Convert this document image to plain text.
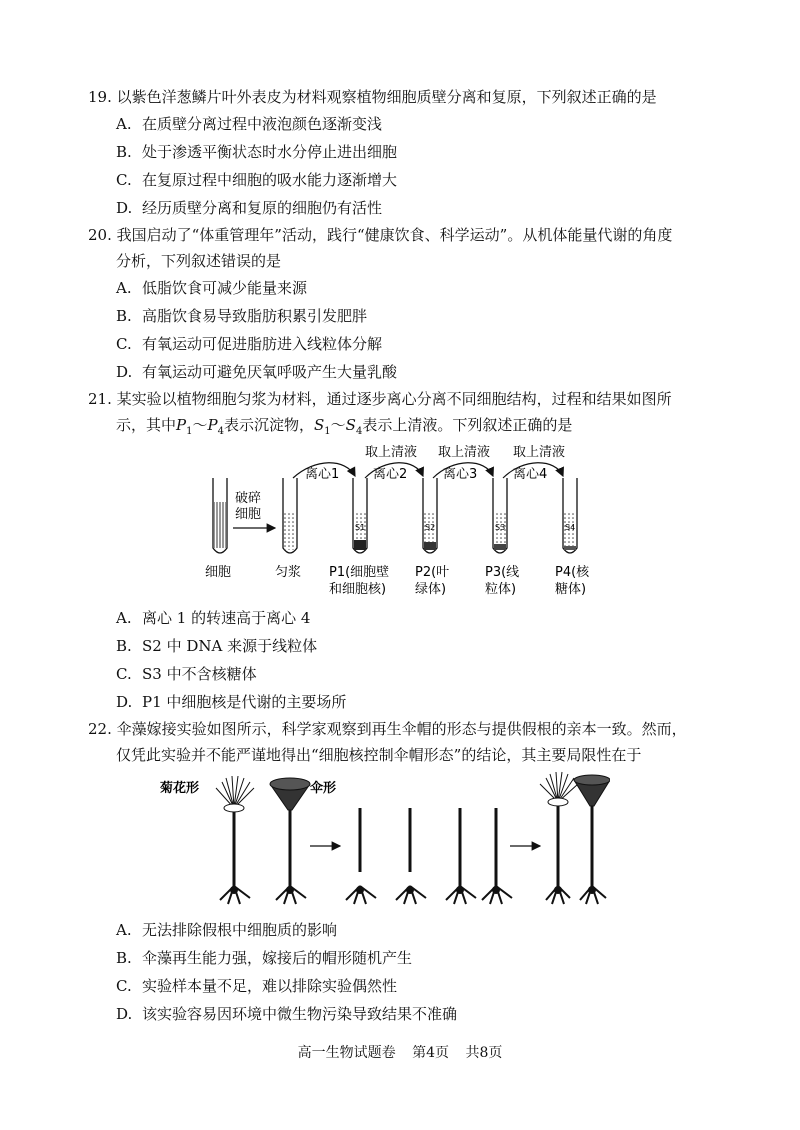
19. 以紫色洋葱鳞片叶外表皮为材料观察植物细胞质壁分离和复原，下列叙述正确的是

A. 在质壁分离过程中液泡颜色逐渐变浅

B. 处于渗透平衡状态时水分停止进出细胞

C. 在复原过程中细胞的吸水能力逐渐增大

D. 经历质壁分离和复原的细胞仍有活性

20. 我国启动了“体重管理年”活动，践行“健康饮食、科学运动”。从机体能量代谢的角度

分析，下列叙述错误的是

A. 低脂饮食可减少能量来源

B. 高脂饮食易导致脂肪积累引发肥胖

C. 有氧运动可促进脂肪进入线粒体分解

D. 有氧运动可避免厌氧呼吸产生大量乳酸

21. 某实验以植物细胞匀浆为材料，通过逐步离心分离不同细胞结构，过程和结果如图所

示，其中$P_1\sim P_4$表示沉淀物，$S_1\sim S_4$表示上清液。下列叙述正确的是

取上清液 取上清液 取上清液
离心1	离心2	离心3	离心4
破碎
细胞
S1	S2	S3	S4
细胞	匀浆 P1(细胞壁
和细胞核)
P2(叶
绿体)
P3(线
粒体)
P4(核
糖体)

A. 离心 1 的转速高于离心 4

B. S2 中 DNA 来源于线粒体

C. S3 中不含核糖体

D. P1 中细胞核是代谢的主要场所

22. 伞藻嫁接实验如图所示，科学家观察到再生伞帽的形态与提供假根的亲本一致。然而，

仅凭此实验并不能严谨地得出“细胞核控制伞帽形态”的结论，其主要局限性在于

菊花形	伞形

A. 无法排除假根中细胞质的影响

B. 伞藻再生能力强，嫁接后的帽形随机产生

C. 实验样本量不足，难以排除实验偶然性

D. 该实验容易因环境中微生物污染导致结果不准确

高一生物试题卷 第4页 共8页
